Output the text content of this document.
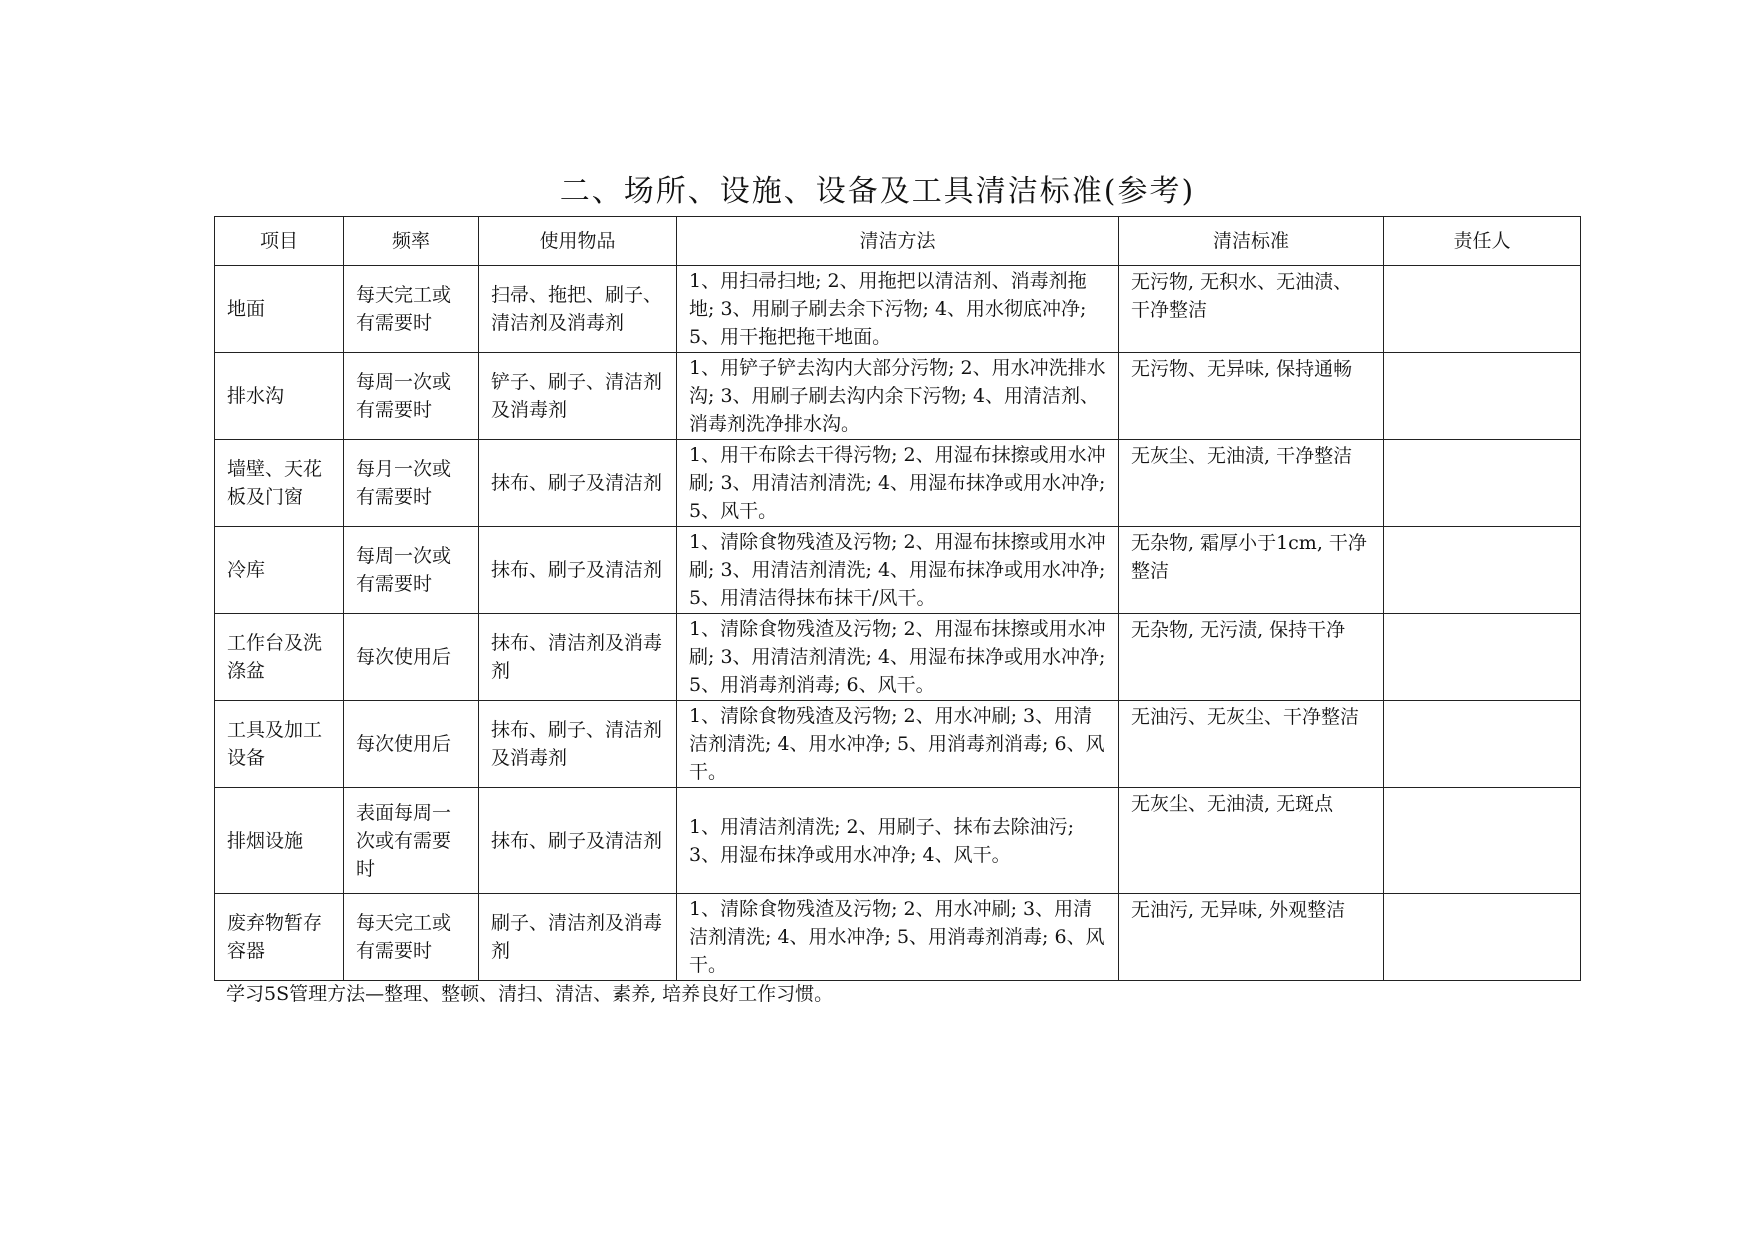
二、场所、设施、设备及工具清洁标准(参考)
项目	频率	使用物品	清洁方法	清洁标准	责任人
地面	每天完工或有需要时	扫帚、拖把、刷子、清洁剂及消毒剂	1、用扫帚扫地; 2、用拖把以清洁剂、消毒剂拖地; 3、用刷子刷去余下污物; 4、用水彻底冲净; 5、用干拖把拖干地面。	无污物, 无积水、无油渍、干净整洁	
排水沟	每周一次或有需要时	铲子、刷子、清洁剂及消毒剂	1、用铲子铲去沟内大部分污物; 2、用水冲洗排水沟; 3、用刷子刷去沟内余下污物; 4、用清洁剂、消毒剂洗净排水沟。	无污物、无异味, 保持通畅	
墙壁、天花板及门窗	每月一次或有需要时	抹布、刷子及清洁剂	1、用干布除去干得污物; 2、用湿布抹擦或用水冲刷; 3、用清洁剂清洗; 4、用湿布抹净或用水冲净; 5、风干。	无灰尘、无油渍, 干净整洁	
冷库	每周一次或有需要时	抹布、刷子及清洁剂	1、清除食物残渣及污物; 2、用湿布抹擦或用水冲刷; 3、用清洁剂清洗; 4、用湿布抹净或用水冲净; 5、用清洁得抹布抹干/风干。	无杂物, 霜厚小于1cm, 干净整洁	
工作台及洗涤盆	每次使用后	抹布、清洁剂及消毒剂	1、清除食物残渣及污物; 2、用湿布抹擦或用水冲刷; 3、用清洁剂清洗; 4、用湿布抹净或用水冲净; 5、用消毒剂消毒; 6、风干。	无杂物, 无污渍, 保持干净	
工具及加工设备	每次使用后	抹布、刷子、清洁剂及消毒剂	1、清除食物残渣及污物; 2、用水冲刷; 3、用清洁剂清洗; 4、用水冲净; 5、用消毒剂消毒; 6、风干。	无油污、无灰尘、干净整洁	
排烟设施	表面每周一次或有需要时	抹布、刷子及清洁剂	1、用清洁剂清洗; 2、用刷子、抹布去除油污; 3、用湿布抹净或用水冲净; 4、风干。	无灰尘、无油渍, 无斑点	
废弃物暂存容器	每天完工或有需要时	刷子、清洁剂及消毒剂	1、清除食物残渣及污物; 2、用水冲刷; 3、用清洁剂清洗; 4、用水冲净; 5、用消毒剂消毒; 6、风干。	无油污, 无异味, 外观整洁	
学习5S管理方法—整理、整顿、清扫、清洁、素养, 培养良好工作习惯。
